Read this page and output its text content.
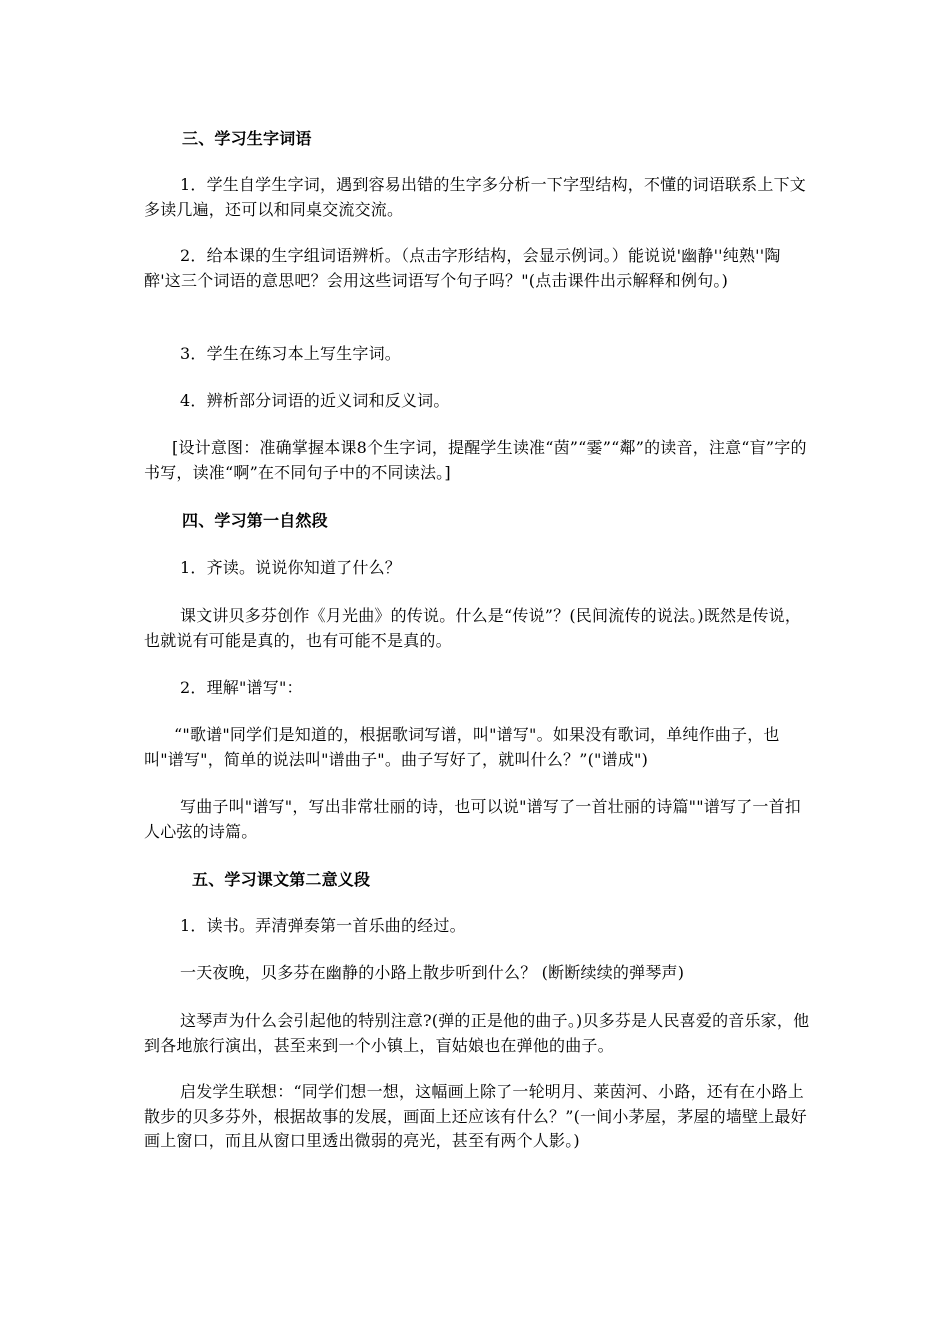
三、学习生字词语

1．学生自学生字词，遇到容易出错的生字多分析一下字型结构，不懂的词语联系上下文多读几遍，还可以和同桌交流交流。

2．给本课的生字组词语辨析。（点击字形结构，会显示例词。）能说说'幽静''纯熟''陶醉'这三个词语的意思吧？会用这些词语写个句子吗？"(点击课件出示解释和例句。)

3．学生在练习本上写生字词。

4．辨析部分词语的近义词和反义词。

[设计意图：准确掌握本课8个生字词，提醒学生读准“茵”“霎”“鄰”的读音，注意“盲”字的书写，读准“啊”在不同句子中的不同读法。]

四、学习第一自然段

1．齐读。说说你知道了什么？

课文讲贝多芬创作《月光曲》的传说。什么是“传说”？(民间流传的说法。)既然是传说，也就说有可能是真的，也有可能不是真的。

2．理解"谱写"：

“"歌谱"同学们是知道的，根据歌词写谱，叫"谱写"。如果没有歌词，单纯作曲子，也叫"谱写"，简单的说法叫"谱曲子"。曲子写好了，就叫什么？”("谱成")

写曲子叫"谱写"，写出非常壮丽的诗，也可以说"谱写了一首壮丽的诗篇""谱写了一首扣人心弦的诗篇。

五、学习课文第二意义段

1．读书。弄清弹奏第一首乐曲的经过。

一天夜晚，贝多芬在幽静的小路上散步听到什么？ (断断续续的弹琴声)

这琴声为什么会引起他的特别注意?(弹的正是他的曲子。)贝多芬是人民喜爱的音乐家，他到各地旅行演出，甚至来到一个小镇上，盲姑娘也在弹他的曲子。

启发学生联想：“同学们想一想，这幅画上除了一轮明月、莱茵河、小路，还有在小路上散步的贝多芬外，根据故事的发展，画面上还应该有什么？”(一间小茅屋，茅屋的墙壁上最好画上窗口，而且从窗口里透出微弱的亮光，甚至有两个人影。)
